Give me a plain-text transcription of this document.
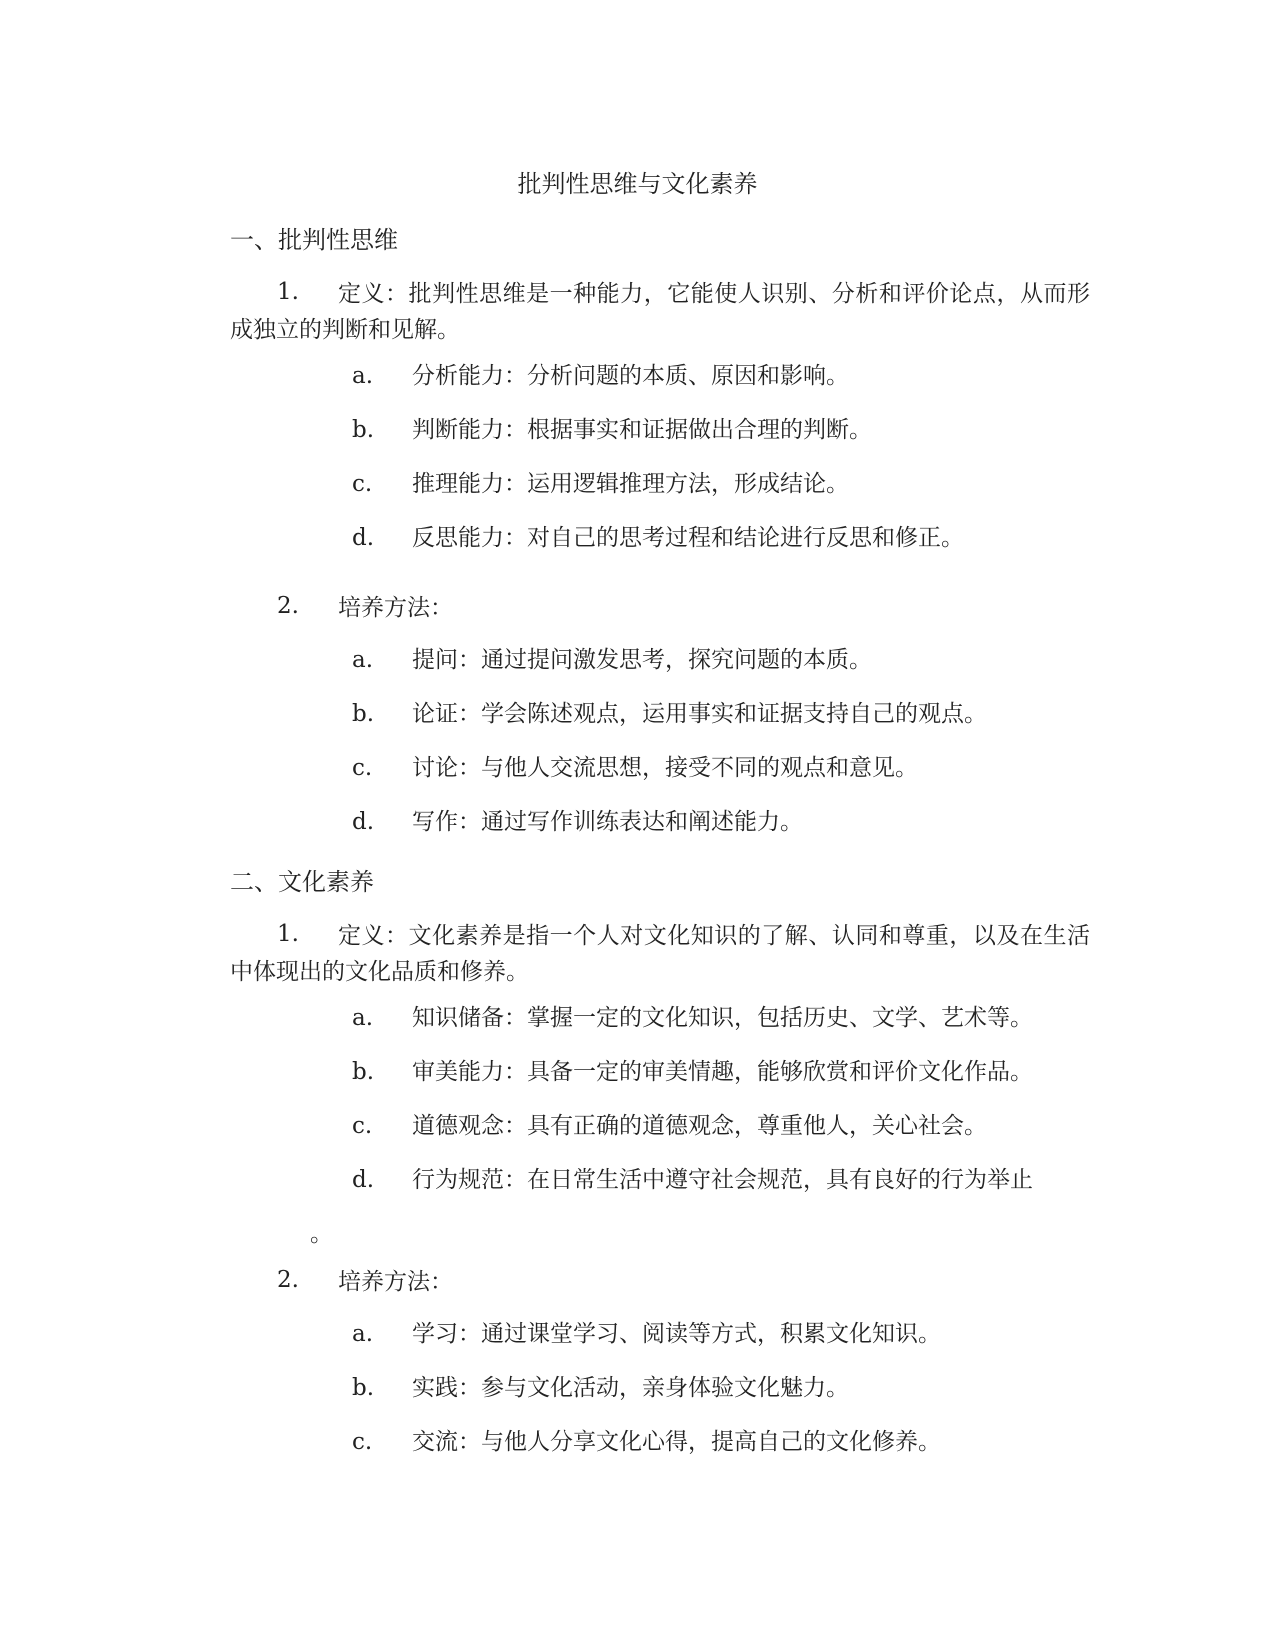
批判性思维与文化素养
一、批判性思维
1.	定义：批判性思维是一种能力，它能使人识别、分析和评价论点，从而形成独立的判断和见解。
a. 分析能力：分析问题的本质、原因和影响。
b. 判断能力：根据事实和证据做出合理的判断。
c. 推理能力：运用逻辑推理方法，形成结论。
d. 反思能力：对自己的思考过程和结论进行反思和修正。
2.	培养方法：
a. 提问：通过提问激发思考，探究问题的本质。
b. 论证：学会陈述观点，运用事实和证据支持自己的观点。
c. 讨论：与他人交流思想，接受不同的观点和意见。
d. 写作：通过写作训练表达和阐述能力。
二、文化素养
1.	定义：文化素养是指一个人对文化知识的了解、认同和尊重，以及在生活中体现出的文化品质和修养。
a. 知识储备：掌握一定的文化知识，包括历史、文学、艺术等。
b. 审美能力：具备一定的审美情趣，能够欣赏和评价文化作品。
c. 道德观念：具有正确的道德观念，尊重他人，关心社会。
d. 行为规范：在日常生活中遵守社会规范，具有良好的行为举止
。
2.	培养方法：
a. 学习：通过课堂学习、阅读等方式，积累文化知识。
b. 实践：参与文化活动，亲身体验文化魅力。
c. 交流：与他人分享文化心得，提高自己的文化修养。
